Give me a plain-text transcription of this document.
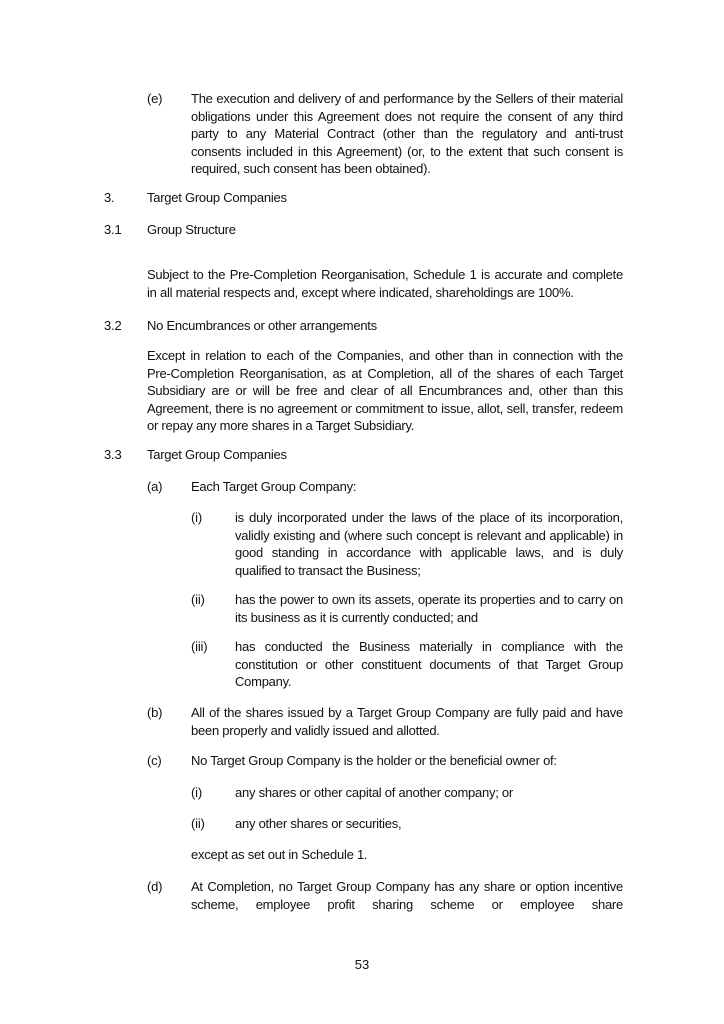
(e) The execution and delivery of and performance by the Sellers of their material obligations under this Agreement does not require the consent of any third party to any Material Contract (other than the regulatory and anti-trust consents included in this Agreement) (or, to the extent that such consent is required, such consent has been obtained).
3.	Target Group Companies
3.1 Group Structure
Subject to the Pre-Completion Reorganisation, Schedule 1 is accurate and complete in all material respects and, except where indicated, shareholdings are 100%.
3.2 No Encumbrances or other arrangements
Except in relation to each of the Companies, and other than in connection with the Pre-Completion Reorganisation, as at Completion, all of the shares of each Target Subsidiary are or will be free and clear of all Encumbrances and, other than this Agreement, there is no agreement or commitment to issue, allot, sell, transfer, redeem or repay any more shares in a Target Subsidiary.
3.3 Target Group Companies
(a) Each Target Group Company:
(i)	is duly incorporated under the laws of the place of its incorporation, validly existing and (where such concept is relevant and applicable) in good standing in accordance with applicable laws, and is duly qualified to transact the Business;
(ii) has the power to own its assets, operate its properties and to carry on its business as it is currently conducted; and
(iii) has conducted the Business materially in compliance with the constitution or other constituent documents of that Target Group Company.
(b) All of the shares issued by a Target Group Company are fully paid and have been properly and validly issued and allotted.
(c) No Target Group Company is the holder or the beneficial owner of:
(i)	any shares or other capital of another company; or
(ii) any other shares or securities,
except as set out in Schedule 1.
(d) At Completion, no Target Group Company has any share or option incentive scheme, employee profit sharing scheme or employee share
53
